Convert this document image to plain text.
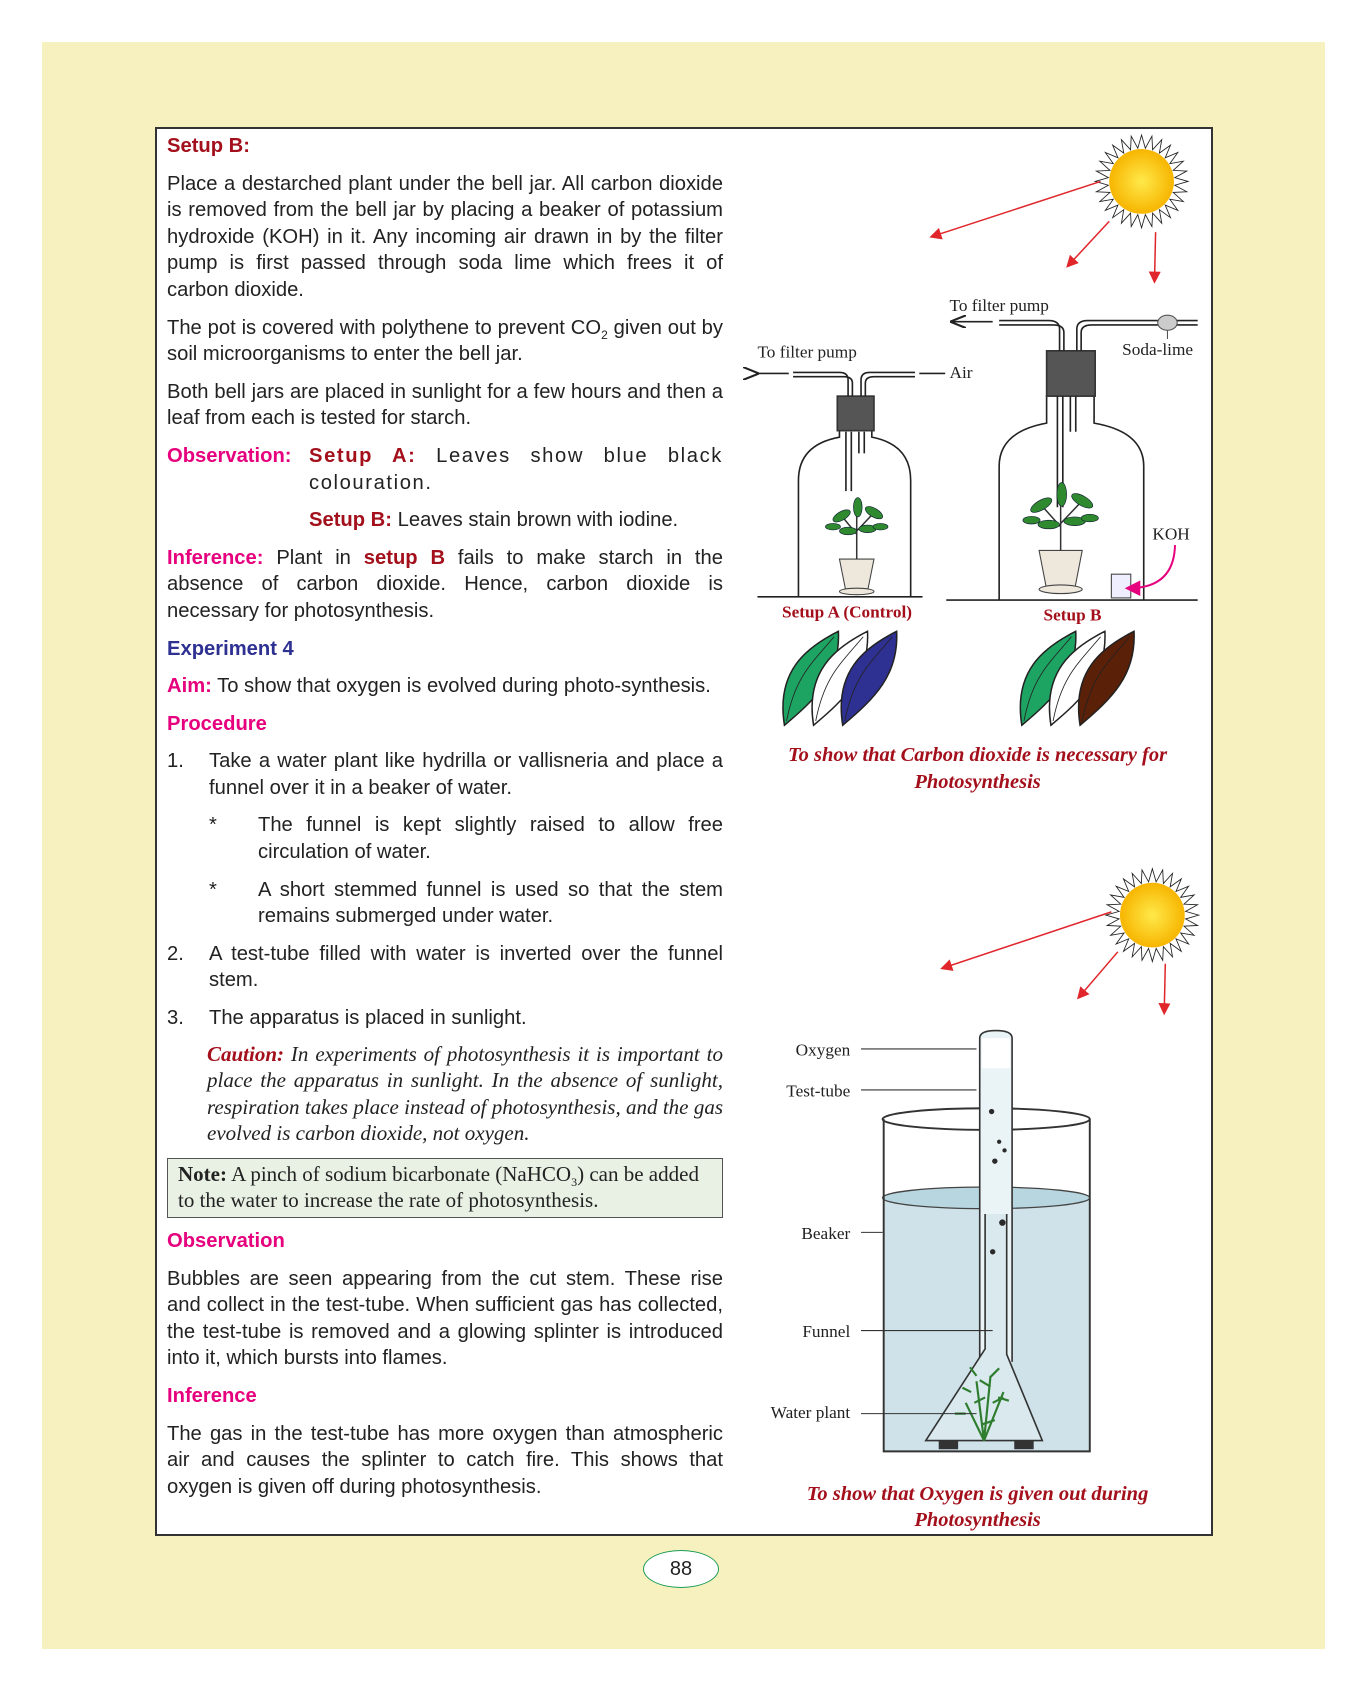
Setup B:

Place a destarched plant under the bell jar. All carbon dioxide is removed from the bell jar by placing a beaker of potassium hydroxide (KOH) in it. Any incoming air drawn in by the filter pump is first passed through soda lime which frees it of carbon dioxide.

The pot is covered with polythene to prevent $CO_2$ given out by soil microorganisms to enter the bell jar.

Both bell jars are placed in sunlight for a few hours and then a leaf from each is tested for starch.

Observation: Setup A: Leaves show blue black colouration.

Setup B: Leaves stain brown with iodine.

Inference: Plant in setup B fails to make starch in the absence of carbon dioxide. Hence, carbon dioxide is necessary for photosynthesis.

Experiment 4

Aim: To show that oxygen is evolved during photo-synthesis.

Procedure

1.	Take a water plant like hydrilla or vallisneria and place a funnel over it in a beaker of water.
*	The funnel is kept slightly raised to allow free circulation of water.
*	A short stemmed funnel is used so that the stem remains submerged under water.
2.	A test-tube filled with water is inverted over the funnel stem.
3.	The apparatus is placed in sunlight.

Caution: In experiments of photosynthesis it is important to place the apparatus in sunlight. In the absence of sunlight, respiration takes place instead of photosynthesis, and the gas evolved is carbon dioxide, not oxygen.

Note: A pinch of sodium bicarbonate (NaHCO$_3$) can be added to the water to increase the rate of photosynthesis.

Observation

Bubbles are seen appearing from the cut stem. These rise and collect in the test-tube. When sufficient gas has collected, the test-tube is removed and a glowing splinter is introduced into it, which bursts into flames.

Inference

The gas in the test-tube has more oxygen than atmospheric air and causes the splinter to catch fire. This shows that oxygen is given off during photosynthesis.

To filter pump
Soda-lime
To filter pump
Air
KOH
Setup A (Control)	Setup B
To show that Carbon dioxide is necessary for
Photosynthesis
Oxygen
Test-tube
Beaker
Funnel
Water plant
To show that Oxygen is given out during
Photosynthesis
88
